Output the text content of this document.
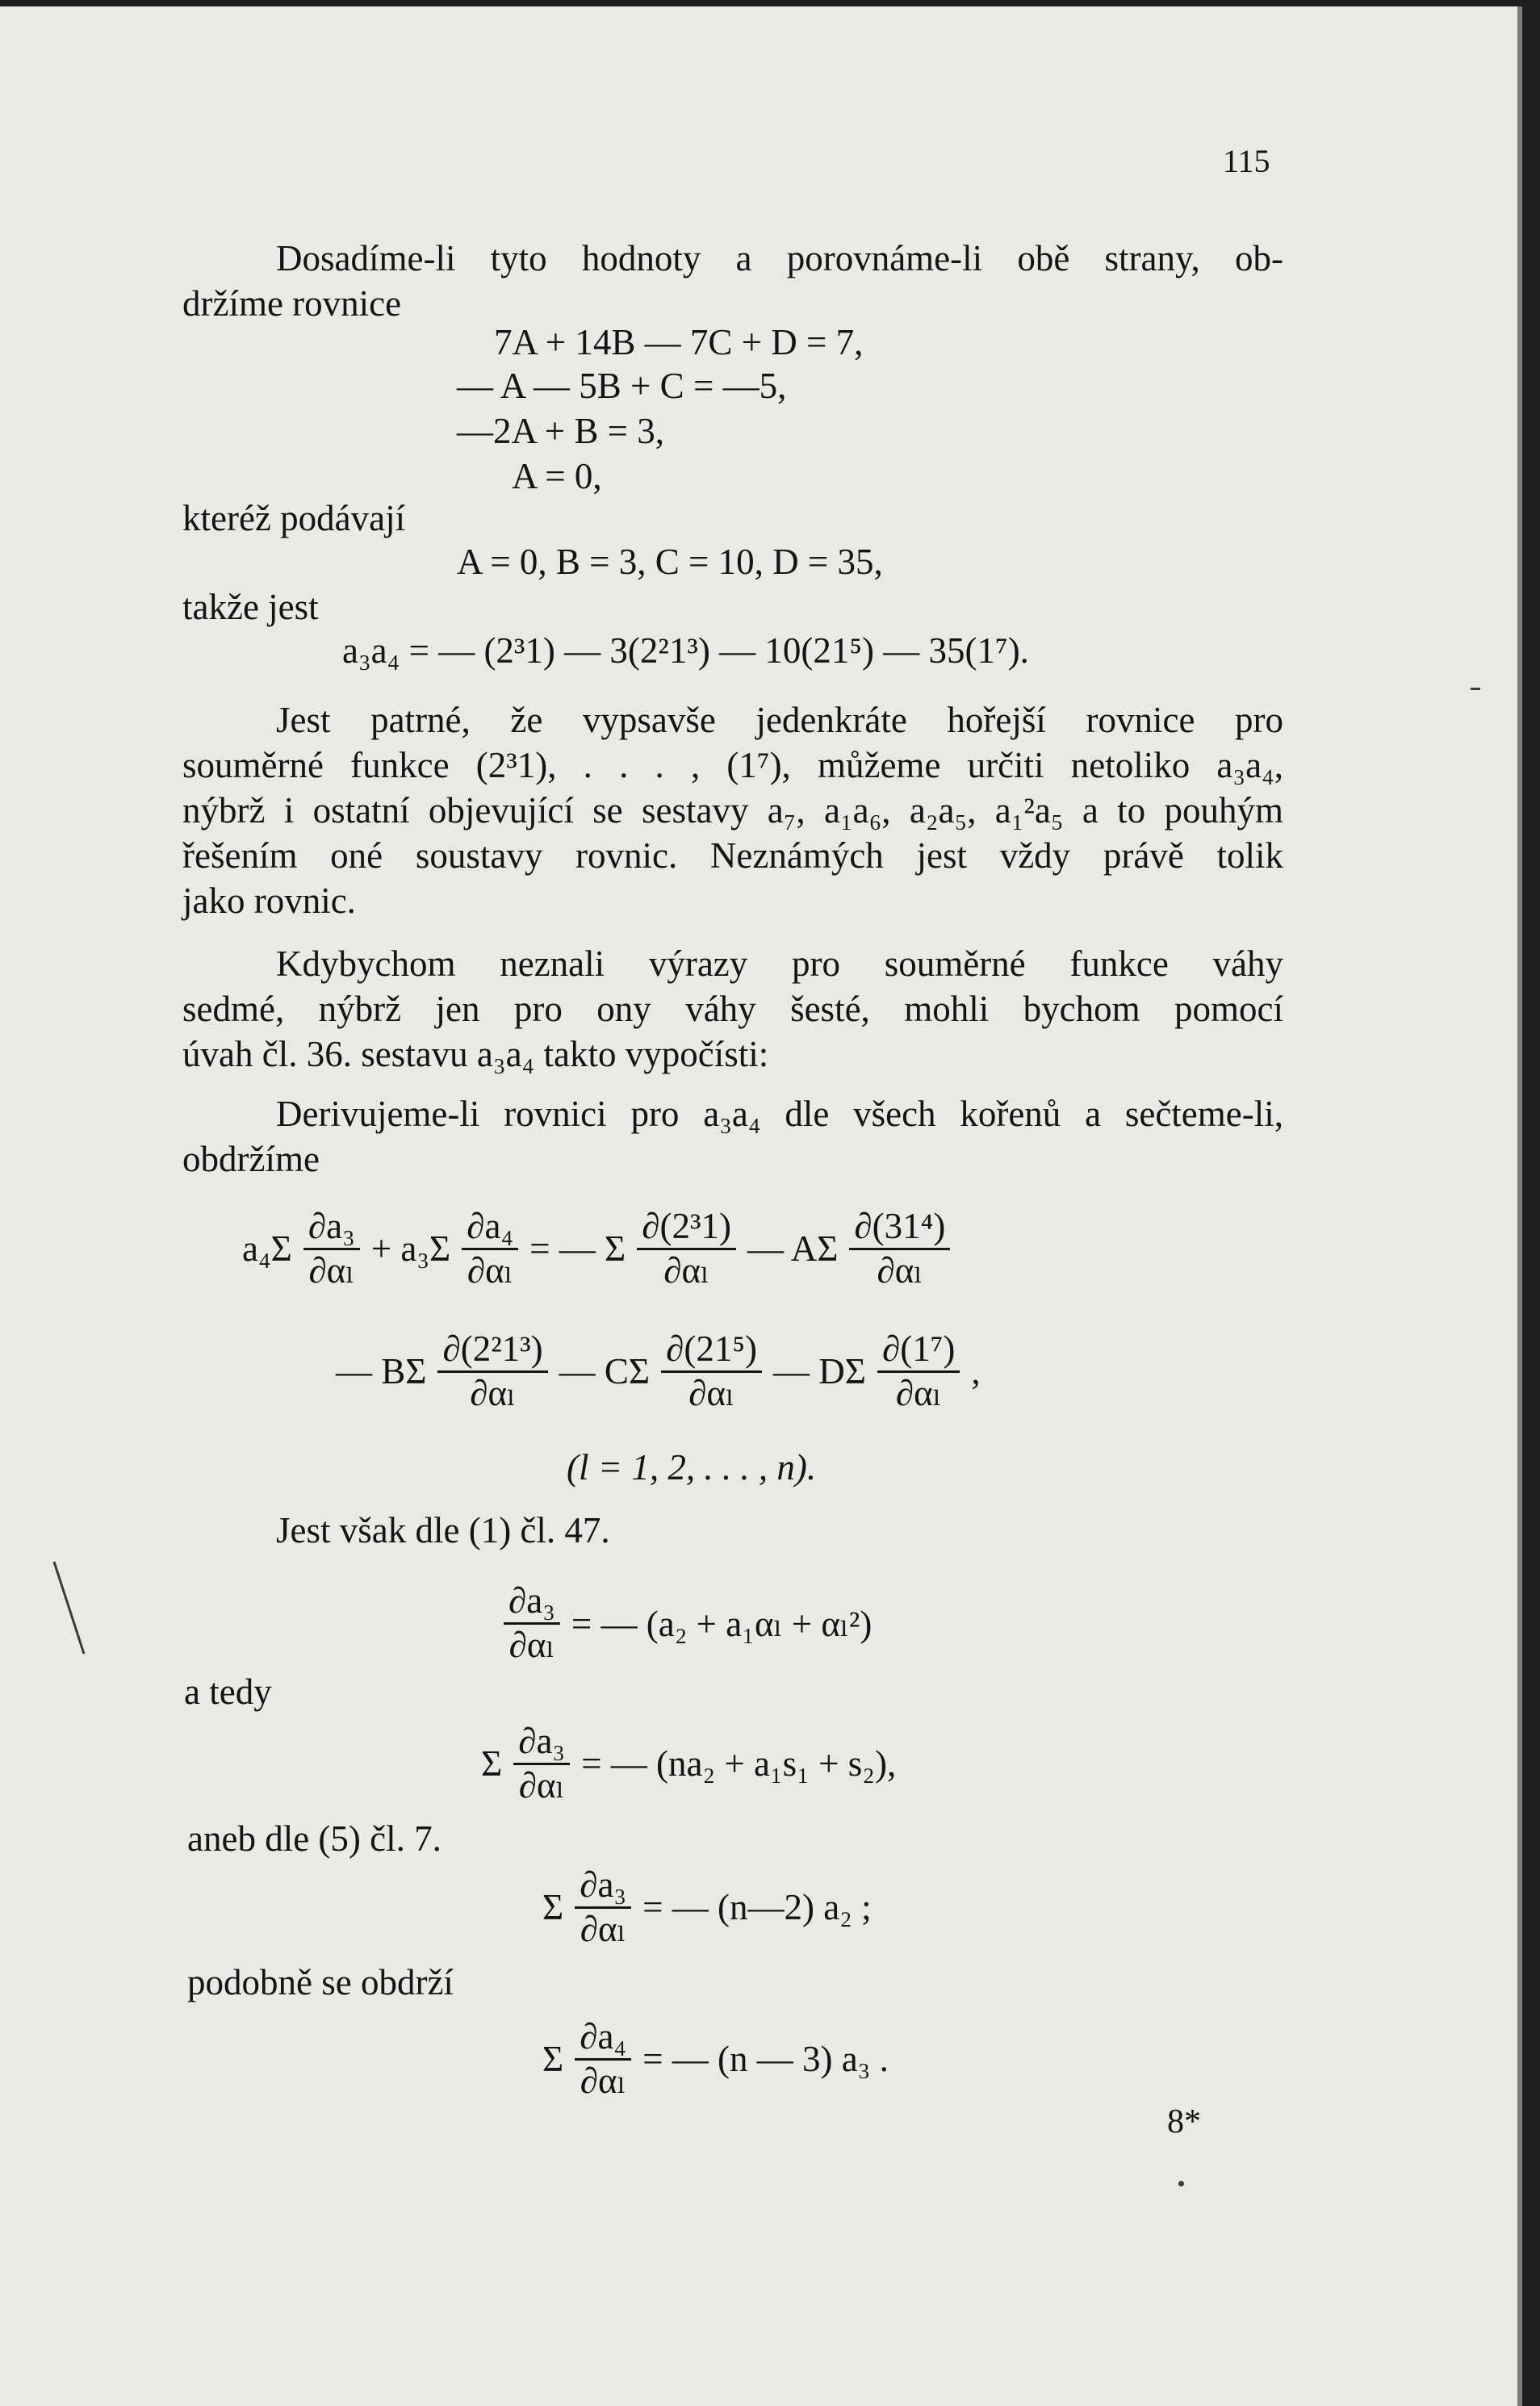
115
Dosadíme-li tyto hodnoty a porovnáme-li obě strany, ob-
držíme rovnice
7A + 14B — 7C + D = 7,
— A — 5B + C = —5,
—2A + B = 3,
A = 0,
kteréž podávají
A = 0, B = 3, C = 10, D = 35,
takže jest
a₃a₄ = — (2³1) — 3(2²1³) — 10(21⁵) — 35(1⁷).
Jest patrné, že vypsavše jedenkráte hořejší rovnice pro
souměrné funkce (2³1), . . . , (1⁷), můžeme určiti netoliko a₃a₄,
nýbrž i ostatní objevující se sestavy a₇, a₁a₆, a₂a₅, a₁²a₅ a to pouhým
řešením oné soustavy rovnic. Neznámých jest vždy právě tolik
jako rovnic.
Kdybychom neznali výrazy pro souměrné funkce váhy
sedmé, nýbrž jen pro ony váhy šesté, mohli bychom pomocí
úvah čl. 36. sestavu a₃a₄ takto vypočísti:
Derivujeme-li rovnici pro a₃a₄ dle všech kořenů a sečteme-li,
obdržíme
$a_4\Sigma \frac{\text{∂a₃}}{\text{∂αₗ}} + a_3\Sigma \frac{\text{∂a₄}}{\text{∂αₗ}}$ = — Σ $\frac{\text{∂(2³1)}}{\text{∂αₗ}}$ — AΣ $\frac{\text{∂(31⁴)}}{\text{∂αₗ}}$
— BΣ $\frac{\text{∂(2²1³)}}{\text{∂αₗ}}$ — CΣ $\frac{\text{∂(21⁵)}}{\text{∂αₗ}}$ — DΣ $\frac{\text{∂(1⁷)}}{\text{∂αₗ}}$ ,
(l = 1, 2, . . . , n).
Jest však dle (1) čl. 47.
$\frac{\text{∂a₃}}{\text{∂αₗ}}$ = — (a₂ + a₁αₗ + αₗ²)
a tedy
Σ $\frac{\text{∂a₃}}{\text{∂αₗ}}$ = — (na₂ + a₁s₁ + s₂),
aneb dle (5) čl. 7.
Σ $\frac{\text{∂a₃}}{\text{∂αₗ}}$ = — (n—2) a₂ ;
podobně se obdrží
Σ $\frac{\text{∂a₄}}{\text{∂αₗ}}$ = — (n — 3) a₃ .
8*
